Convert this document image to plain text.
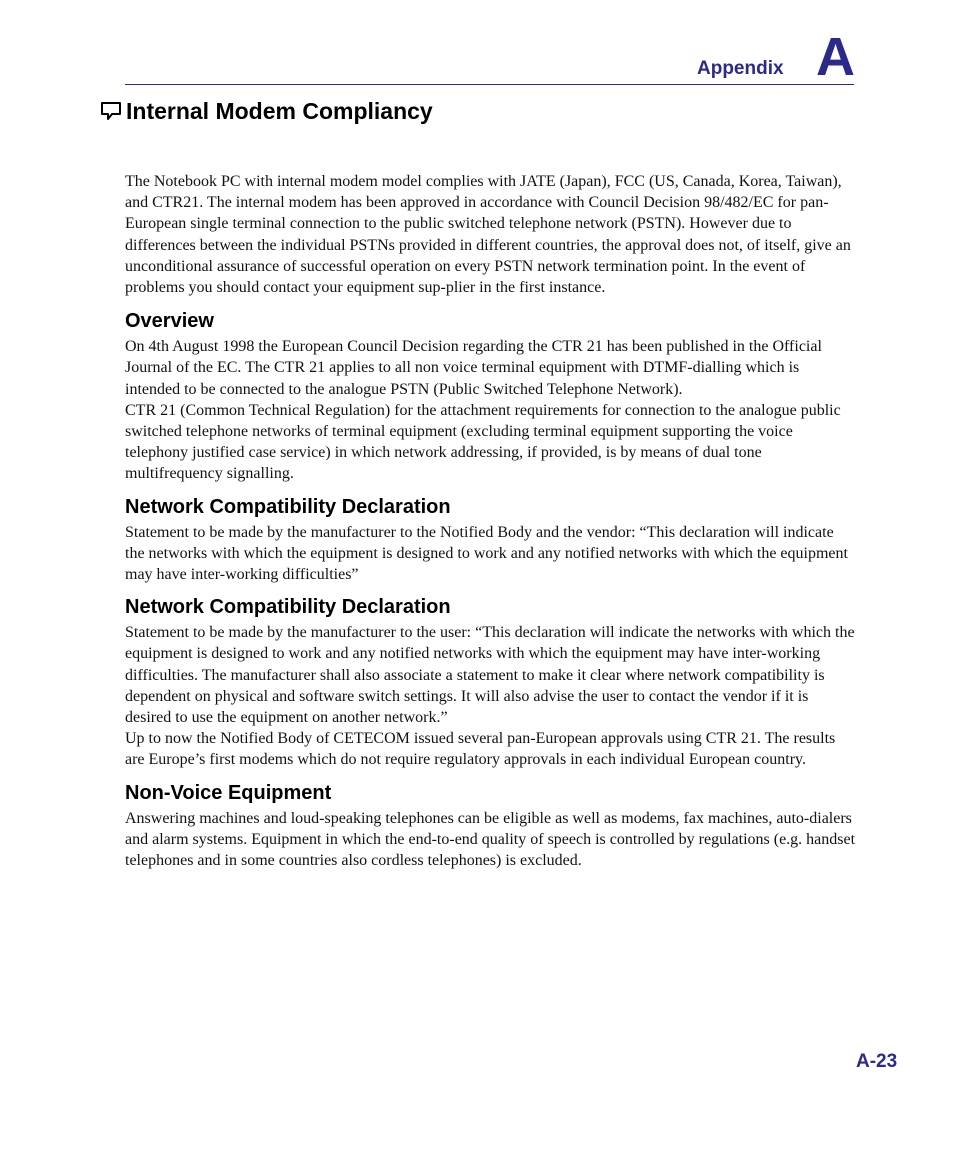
Appendix A
Internal Modem Compliancy

The Notebook PC with internal modem model complies with JATE (Japan), FCC (US, Canada, Korea, Taiwan), and CTR21. The internal modem has been approved in accordance with Council Decision 98/482/EC for pan-European single terminal connection to the public switched telephone network (PSTN). However due to differences between the individual PSTNs provided in different countries, the approval does not, of itself, give an unconditional assurance of successful operation on every PSTN network termination point. In the event of problems you should contact your equipment sup-plier in the first instance.

Overview

On 4th August 1998 the European Council Decision regarding the CTR 21 has been published in the Official Journal of the EC. The CTR 21 applies to all non voice terminal equipment with DTMF-dialling which is intended to be connected to the analogue PSTN (Public Switched Telephone Network).

CTR 21 (Common Technical Regulation) for the attachment requirements for connection to the analogue public switched telephone networks of terminal equipment (excluding terminal equipment supporting the voice telephony justified case service) in which network addressing, if provided, is by means of dual tone multifrequency signalling.

Network Compatibility Declaration

Statement to be made by the manufacturer to the Notified Body and the vendor: “This declaration will indicate the networks with which the equipment is designed to work and any notified networks with which the equipment may have inter-working difficulties”

Network Compatibility Declaration

Statement to be made by the manufacturer to the user: “This declaration will indicate the networks with which the equipment is designed to work and any notified networks with which the equipment may have inter-working difficulties. The manufacturer shall also associate a statement to make it clear where network compatibility is dependent on physical and software switch settings. It will also advise the user to contact the vendor if it is desired to use the equipment on another network.”

Up to now the Notified Body of CETECOM issued several pan-European approvals using CTR 21. The results are Europe’s first modems which do not require regulatory approvals in each individual European country.

Non-Voice Equipment

Answering machines and loud-speaking telephones can be eligible as well as modems, fax machines, auto-dialers and alarm systems. Equipment in which the end-to-end quality of speech is controlled by regulations (e.g. handset telephones and in some countries also cordless telephones) is excluded.

A-23
